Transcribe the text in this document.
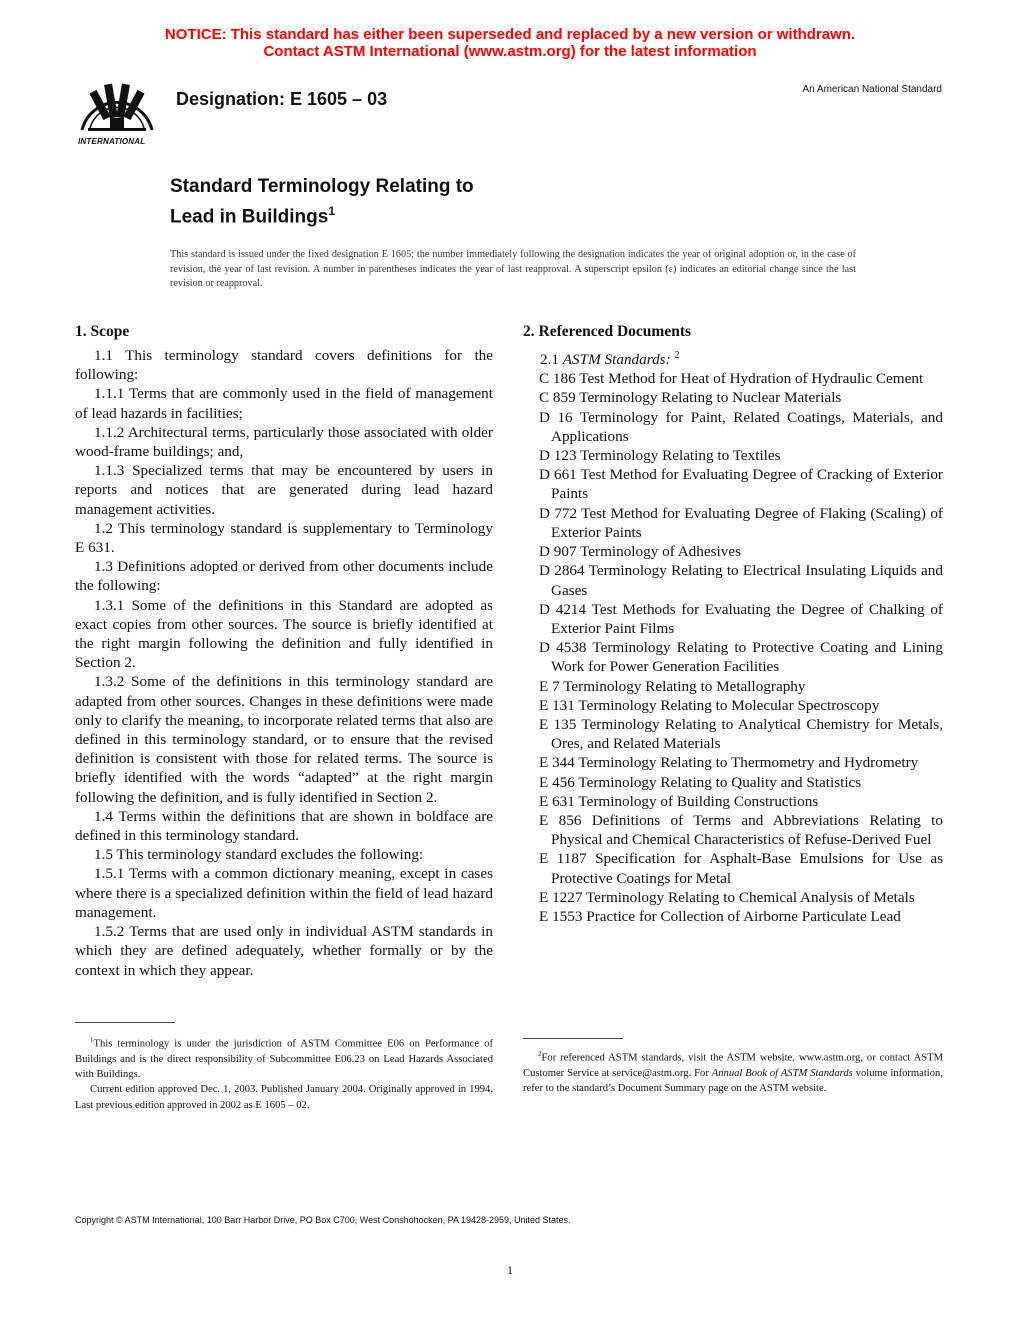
NOTICE: This standard has either been superseded and replaced by a new version or withdrawn.
Contact ASTM International (www.astm.org) for the latest information
INTERNATIONAL
Designation: E 1605 – 03	An American National Standard
Standard Terminology Relating to
Lead in Buildings$^1$
This standard is issued under the fixed designation E 1605; the number immediately following the designation indicates the year of original adoption or, in the case of revision, the year of last revision. A number in parentheses indicates the year of last reapproval. A superscript epsilon (ε) indicates an editorial change since the last revision or reapproval.
1. Scope

1.1 This terminology standard covers definitions for the following:

1.1.1 Terms that are commonly used in the field of management of lead hazards in facilities;

1.1.2 Architectural terms, particularly those associated with older wood-frame buildings; and,

1.1.3 Specialized terms that may be encountered by users in reports and notices that are generated during lead hazard management activities.

1.2 This terminology standard is supplementary to Terminology E 631.

1.3 Definitions adopted or derived from other documents include the following:

1.3.1 Some of the definitions in this Standard are adopted as exact copies from other sources. The source is briefly identified at the right margin following the definition and fully identified in Section 2.

1.3.2 Some of the definitions in this terminology standard are adapted from other sources. Changes in these definitions were made only to clarify the meaning, to incorporate related terms that also are defined in this terminology standard, or to ensure that the revised definition is consistent with those for related terms. The source is briefly identified with the words “adapted” at the right margin following the definition, and is fully identified in Section 2.

1.4 Terms within the definitions that are shown in boldface are defined in this terminology standard.

1.5 This terminology standard excludes the following:

1.5.1 Terms with a common dictionary meaning, except in cases where there is a specialized definition within the field of lead hazard management.

1.5.2 Terms that are used only in individual ASTM standards in which they are defined adequately, whether formally or by the context in which they appear.

2. Referenced Documents

2.1 ASTM Standards: $^2$

C 186 Test Method for Heat of Hydration of Hydraulic Cement

C 859 Terminology Relating to Nuclear Materials

D 16 Terminology for Paint, Related Coatings, Materials, and Applications

D 123 Terminology Relating to Textiles

D 661 Test Method for Evaluating Degree of Cracking of Exterior Paints

D 772 Test Method for Evaluating Degree of Flaking (Scaling) of Exterior Paints

D 907 Terminology of Adhesives

D 2864 Terminology Relating to Electrical Insulating Liquids and Gases

D 4214 Test Methods for Evaluating the Degree of Chalking of Exterior Paint Films

D 4538 Terminology Relating to Protective Coating and Lining Work for Power Generation Facilities

E 7 Terminology Relating to Metallography

E 131 Terminology Relating to Molecular Spectroscopy

E 135 Terminology Relating to Analytical Chemistry for Metals, Ores, and Related Materials

E 344 Terminology Relating to Thermometry and Hydrometry

E 456 Terminology Relating to Quality and Statistics

E 631 Terminology of Building Constructions

E 856 Definitions of Terms and Abbreviations Relating to Physical and Chemical Characteristics of Refuse-Derived Fuel

E 1187 Specification for Asphalt-Base Emulsions for Use as Protective Coatings for Metal

E 1227 Terminology Relating to Chemical Analysis of Metals

E 1553 Practice for Collection of Airborne Particulate Lead

$^1$This terminology is under the jurisdiction of ASTM Committee E06 on Performance of Buildings and is the direct responsibility of Subcommittee E06.23 on Lead Hazards Associated with Buildings.

Current edition approved Dec. 1, 2003. Published January 2004. Originally approved in 1994. Last previous edition approved in 2002 as E 1605 – 02.

$^2$For referenced ASTM standards, visit the ASTM website, www.astm.org, or contact ASTM Customer Service at service@astm.org. For Annual Book of ASTM Standards volume information, refer to the standard’s Document Summary page on the ASTM website.

Copyright © ASTM International, 100 Barr Harbor Drive, PO Box C700, West Conshohocken, PA 19428-2959, United States.
1
